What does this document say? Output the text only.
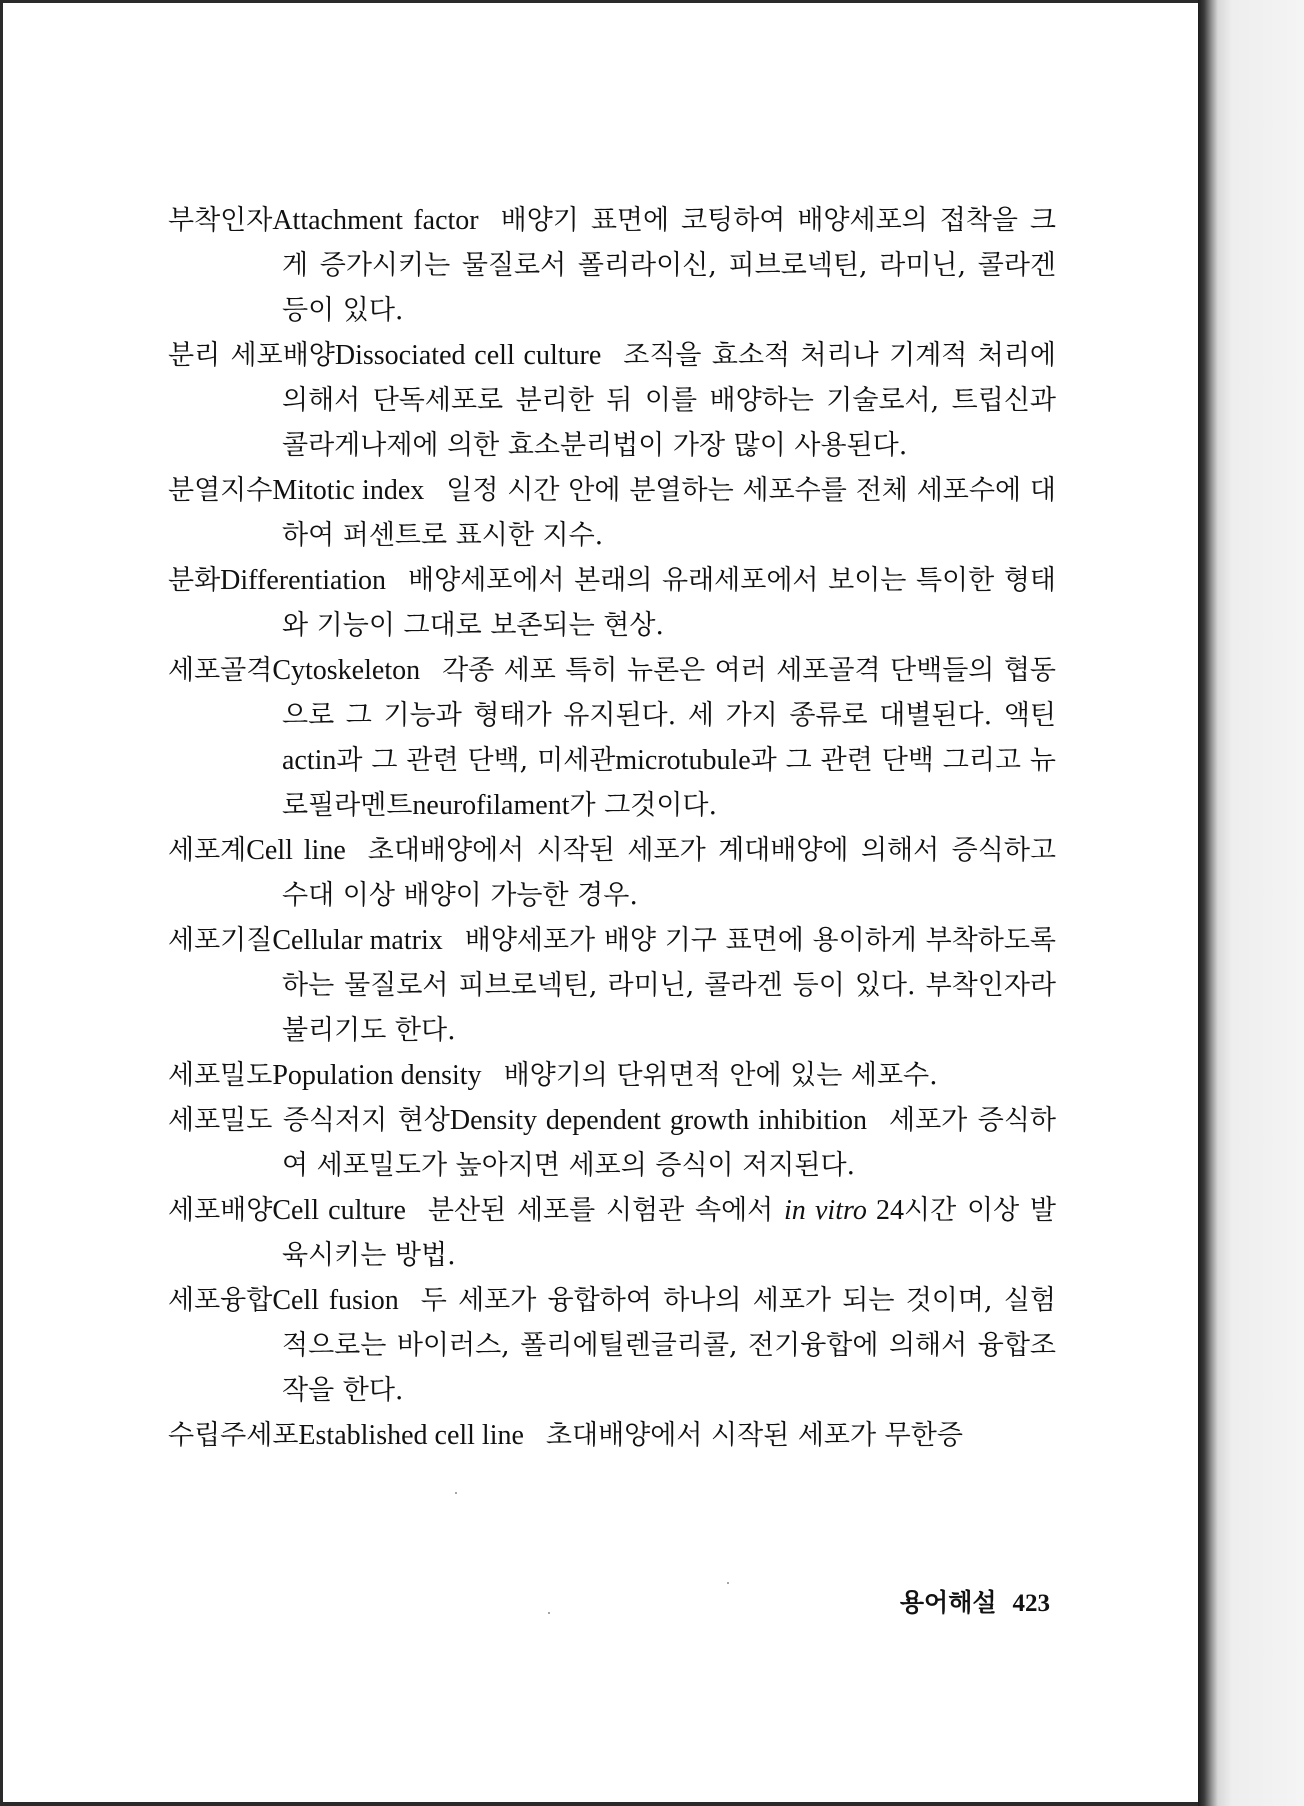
부착인자Attachment factor 배양기 표면에 코팅하여 배양세포의 접착을 크게 증가시키는 물질로서 폴리라이신, 피브로넥틴, 라미닌, 콜라겐 등이 있다.

분리 세포배양Dissociated cell culture 조직을 효소적 처리나 기계적 처리에 의해서 단독세포로 분리한 뒤 이를 배양하는 기술로서, 트립신과 콜라게나제에 의한 효소분리법이 가장 많이 사용된다.

분열지수Mitotic index 일정 시간 안에 분열하는 세포수를 전체 세포수에 대하여 퍼센트로 표시한 지수.

분화Differentiation 배양세포에서 본래의 유래세포에서 보이는 특이한 형태와 기능이 그대로 보존되는 현상.

세포골격Cytoskeleton 각종 세포 특히 뉴론은 여러 세포골격 단백들의 협동으로 그 기능과 형태가 유지된다. 세 가지 종류로 대별된다. 액틴actin과 그 관련 단백, 미세관microtubule과 그 관련 단백 그리고 뉴로필라멘트neurofilament가 그것이다.

세포계Cell line 초대배양에서 시작된 세포가 계대배양에 의해서 증식하고 수대 이상 배양이 가능한 경우.

세포기질Cellular matrix 배양세포가 배양 기구 표면에 용이하게 부착하도록 하는 물질로서 피브로넥틴, 라미닌, 콜라겐 등이 있다. 부착인자라 불리기도 한다.

세포밀도Population density 배양기의 단위면적 안에 있는 세포수.

세포밀도 증식저지 현상Density dependent growth inhibition 세포가 증식하여 세포밀도가 높아지면 세포의 증식이 저지된다.

세포배양Cell culture 분산된 세포를 시험관 속에서 in vitro 24시간 이상 발육시키는 방법.

세포융합Cell fusion 두 세포가 융합하여 하나의 세포가 되는 것이며, 실험적으로는 바이러스, 폴리에틸렌글리콜, 전기융합에 의해서 융합조작을 한다.

수립주세포Established cell line 초대배양에서 시작된 세포가 무한증

용어해설 423
